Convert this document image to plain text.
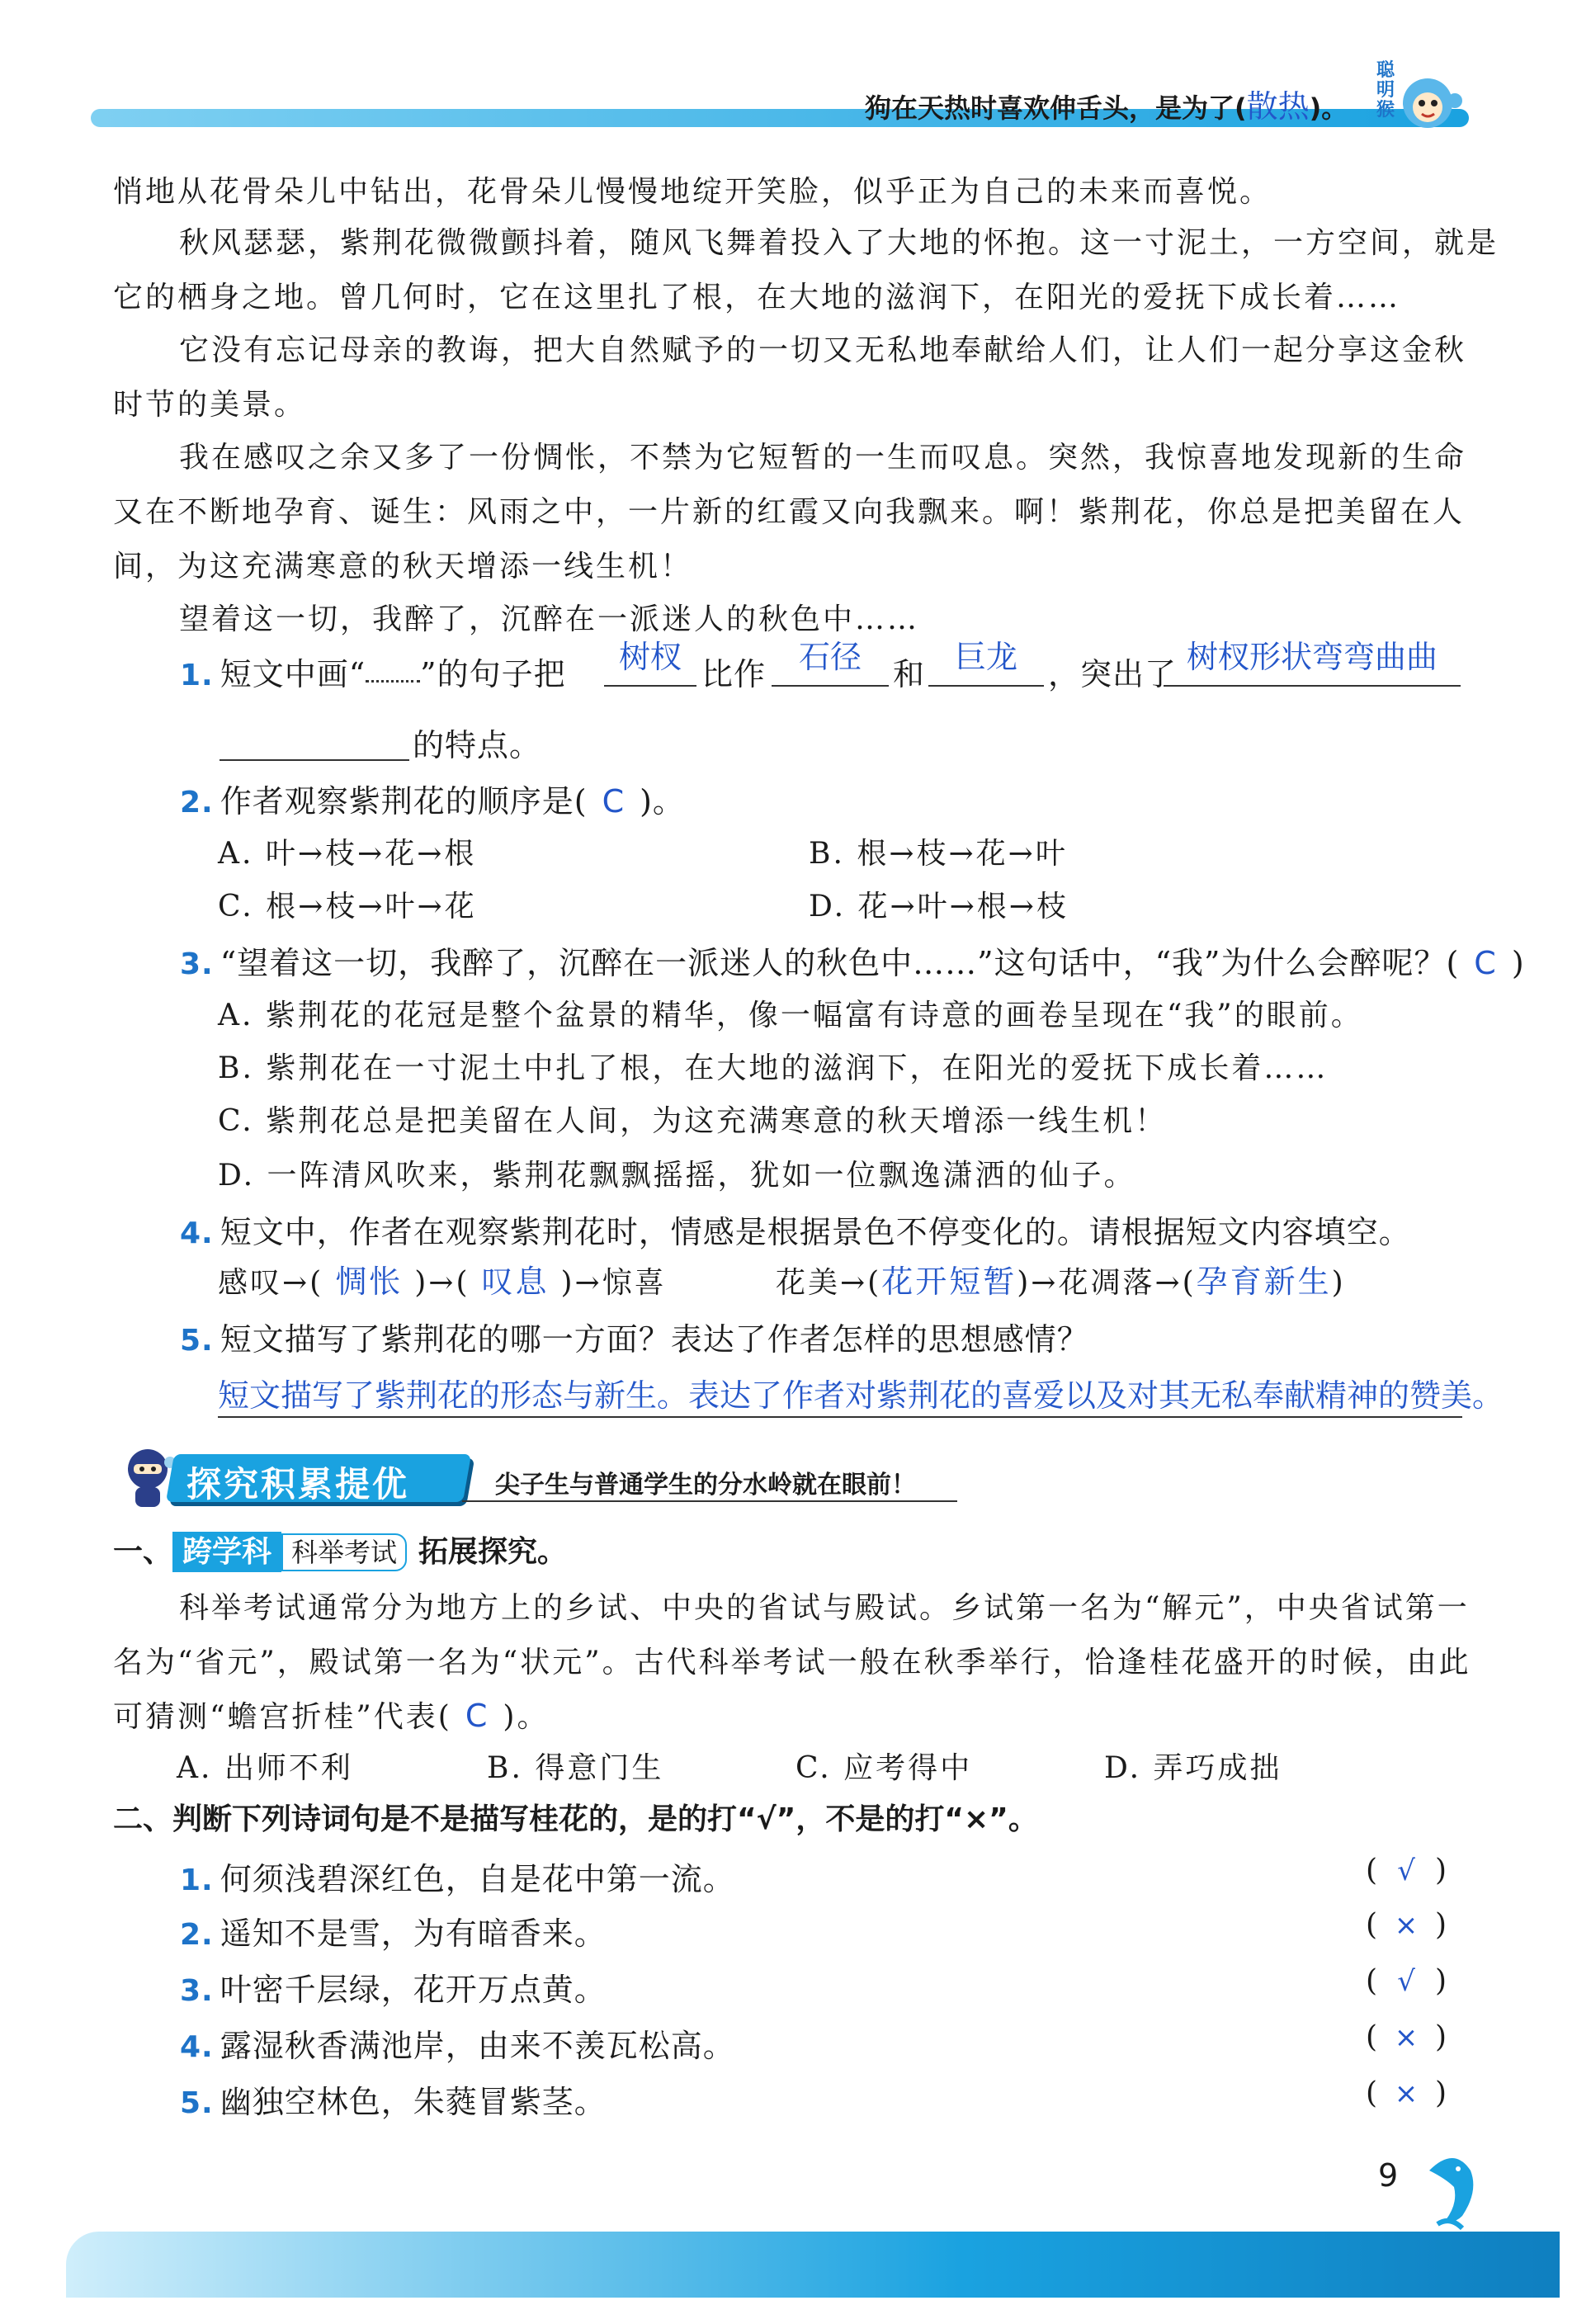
狗在天热时喜欢伸舌头，是为了(散热)。
聪明猴
悄地从花骨朵儿中钻出，花骨朵儿慢慢地绽开笑脸，似乎正为自己的未来而喜悦。
秋风瑟瑟，紫荆花微微颤抖着，随风飞舞着投入了大地的怀抱。这一寸泥土，一方空间，就是
它的栖身之地。曾几何时，它在这里扎了根，在大地的滋润下，在阳光的爱抚下成长着……
它没有忘记母亲的教诲，把大自然赋予的一切又无私地奉献给人们，让人们一起分享这金秋
时节的美景。
我在感叹之余又多了一份惆怅，不禁为它短暂的一生而叹息。突然，我惊喜地发现新的生命
又在不断地孕育、诞生：风雨之中，一片新的红霞又向我飘来。啊！紫荆花，你总是把美留在人
间，为这充满寒意的秋天增添一线生机！
望着这一切，我醉了，沉醉在一派迷人的秋色中……
1. 短文中画“ ”的句子把	树杈 比作	石径	和 巨龙 ，突出了 树杈形状弯弯曲曲
的特点。
2. 作者观察紫荆花的顺序是( C )。
A. 叶→枝→花→根	B. 根→枝→花→叶
C. 根→枝→叶→花	D. 花→叶→根→枝
3. “望着这一切，我醉了，沉醉在一派迷人的秋色中……”这句话中，“我”为什么会醉呢？( C )
A. 紫荆花的花冠是整个盆景的精华，像一幅富有诗意的画卷呈现在“我”的眼前。
B. 紫荆花在一寸泥土中扎了根，在大地的滋润下，在阳光的爱抚下成长着……
C. 紫荆花总是把美留在人间，为这充满寒意的秋天增添一线生机！
D. 一阵清风吹来，紫荆花飘飘摇摇，犹如一位飘逸潇洒的仙子。
4. 短文中，作者在观察紫荆花时，情感是根据景色不停变化的。请根据短文内容填空。
感叹→( 惆怅 )→( 叹息 )→惊喜	花美→(花开短暂)→花凋落→(孕育新生)
5. 短文描写了紫荆花的哪一方面？表达了作者怎样的思想感情？
短文描写了紫荆花的形态与新生。表达了作者对紫荆花的喜爱以及对其无私奉献精神的赞美。
探究积累提优	尖子生与普通学生的分水岭就在眼前！
一、 跨学科 科举考试 拓展探究。
科举考试通常分为地方上的乡试、中央的省试与殿试。乡试第一名为“解元”，中央省试第一
名为“省元”，殿试第一名为“状元”。古代科举考试一般在秋季举行，恰逢桂花盛开的时候，由此
可猜测“蟾宫折桂”代表( C )。
A. 出师不利	B. 得意门生	C. 应考得中	D. 弄巧成拙
二、判断下列诗词句是不是描写桂花的，是的打“√”，不是的打“×”。
1. 何须浅碧深红色，自是花中第一流。	( √ )
2. 遥知不是雪，为有暗香来。	( × )
3. 叶密千层绿，花开万点黄。	( √ )
4. 露湿秋香满池岸，由来不羡瓦松高。	( × )
5. 幽独空林色，朱蕤冒紫茎。	( × )
9
